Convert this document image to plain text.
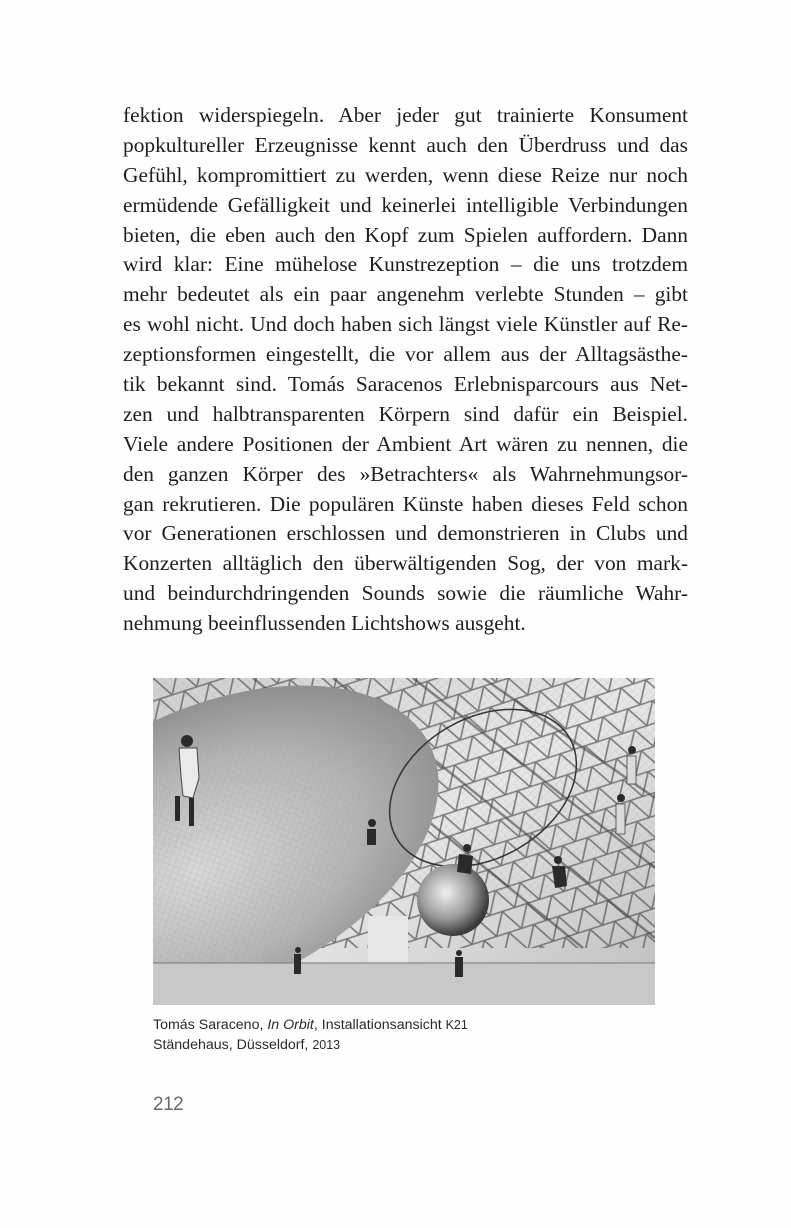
fektion widerspiegeln. Aber jeder gut trainierte Konsument
popkultureller Erzeugnisse kennt auch den Überdruss und das
Gefühl, kompromittiert zu werden, wenn diese Reize nur noch
ermüdende Gefälligkeit und keinerlei intelligible Verbindungen
bieten, die eben auch den Kopf zum Spielen auffordern. Dann
wird klar: Eine mühelose Kunstrezeption – die uns trotzdem
mehr bedeutet als ein paar angenehm verlebte Stunden – gibt
es wohl nicht. Und doch haben sich längst viele Künstler auf Re-
zeptionsformen eingestellt, die vor allem aus der Alltagsästhe-
tik bekannt sind. Tomás Saracenos Erlebnisparcours aus Net-
zen und halbtransparenten Körpern sind dafür ein Beispiel.
Viele andere Positionen der Ambient Art wären zu nennen, die
den ganzen Körper des »Betrachters« als Wahrnehmungsor-
gan rekrutieren. Die populären Künste haben dieses Feld schon
vor Generationen erschlossen und demonstrieren in Clubs und
Konzerten alltäglich den überwältigenden Sog, der von mark-
und beindurchdringenden Sounds sowie die räumliche Wahr-
nehmung beeinflussenden Lichtshows ausgeht.
Tomás Saraceno, In Orbit, Installationsansicht K21
Ständehaus, Düsseldorf, 2013
212
